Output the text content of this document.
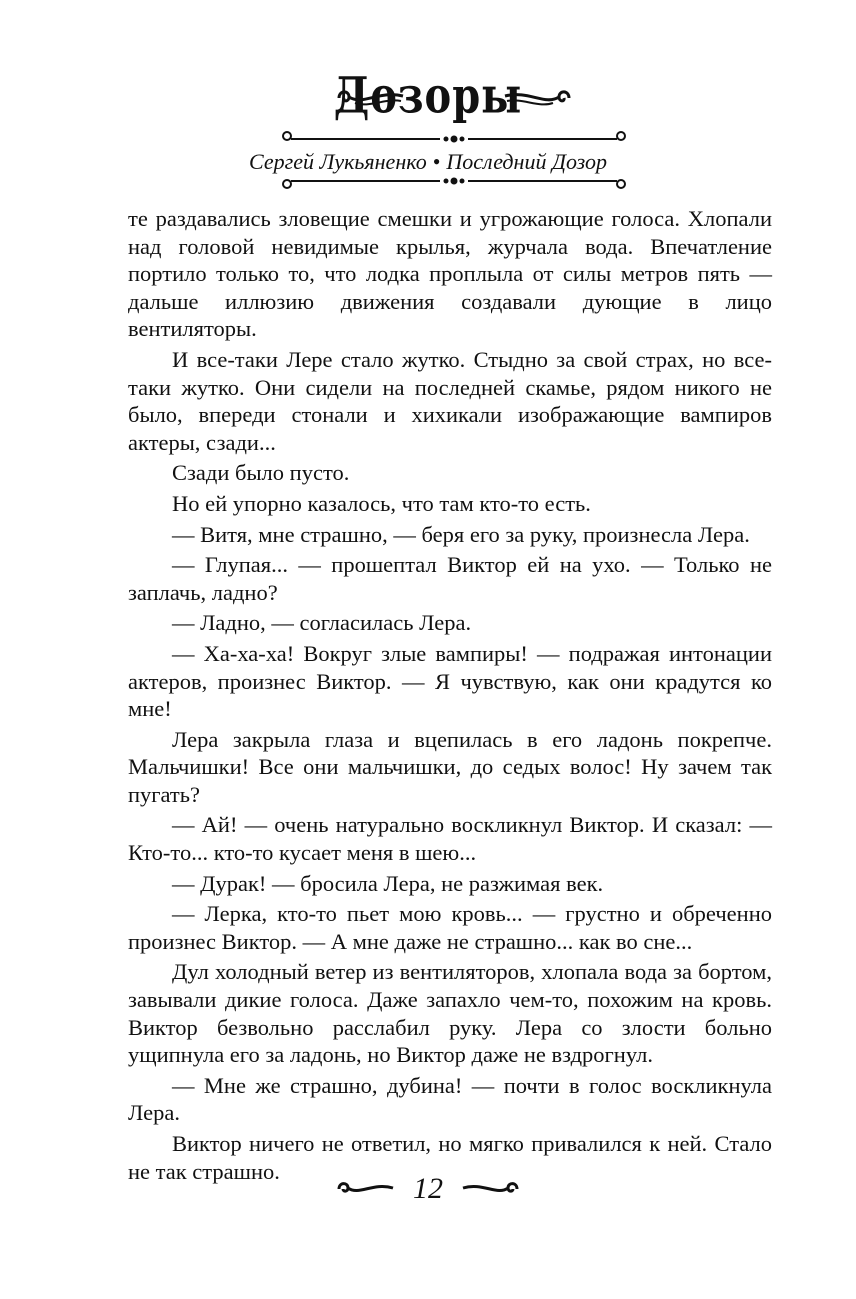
Дозоры
Сергей Лукьяненко • Последний Дозор

те раздавались зловещие смешки и угрожающие голоса. Хлопали над головой невидимые крылья, журчала вода. Впечатление портило только то, что лодка проплыла от силы метров пять — дальше иллюзию движения создавали дующие в лицо вентиляторы.

И все-таки Лере стало жутко. Стыдно за свой страх, но все-таки жутко. Они сидели на последней скамье, рядом никого не было, впереди стонали и хихикали изображающие вампиров актеры, сзади...

Сзади было пусто.

Но ей упорно казалось, что там кто-то есть.

— Витя, мне страшно, — беря его за руку, произнесла Лера.

— Глупая... — прошептал Виктор ей на ухо. — Только не заплачь, ладно?

— Ладно, — согласилась Лера.

— Ха-ха-ха! Вокруг злые вампиры! — подражая интонации актеров, произнес Виктор. — Я чувствую, как они крадутся ко мне!

Лера закрыла глаза и вцепилась в его ладонь покрепче. Мальчишки! Все они мальчишки, до седых волос! Ну зачем так пугать?

— Ай! — очень натурально воскликнул Виктор. И сказал: — Кто-то... кто-то кусает меня в шею...

— Дурак! — бросила Лера, не разжимая век.

— Лерка, кто-то пьет мою кровь... — грустно и обреченно произнес Виктор. — А мне даже не страшно... как во сне...

Дул холодный ветер из вентиляторов, хлопала вода за бортом, завывали дикие голоса. Даже запахло чем-то, похожим на кровь. Виктор безвольно расслабил руку. Лера со злости больно ущипнула его за ладонь, но Виктор даже не вздрогнул.

— Мне же страшно, дубина! — почти в голос воскликнула Лера.

Виктор ничего не ответил, но мягко привалился к ней. Стало не так страшно.

12
